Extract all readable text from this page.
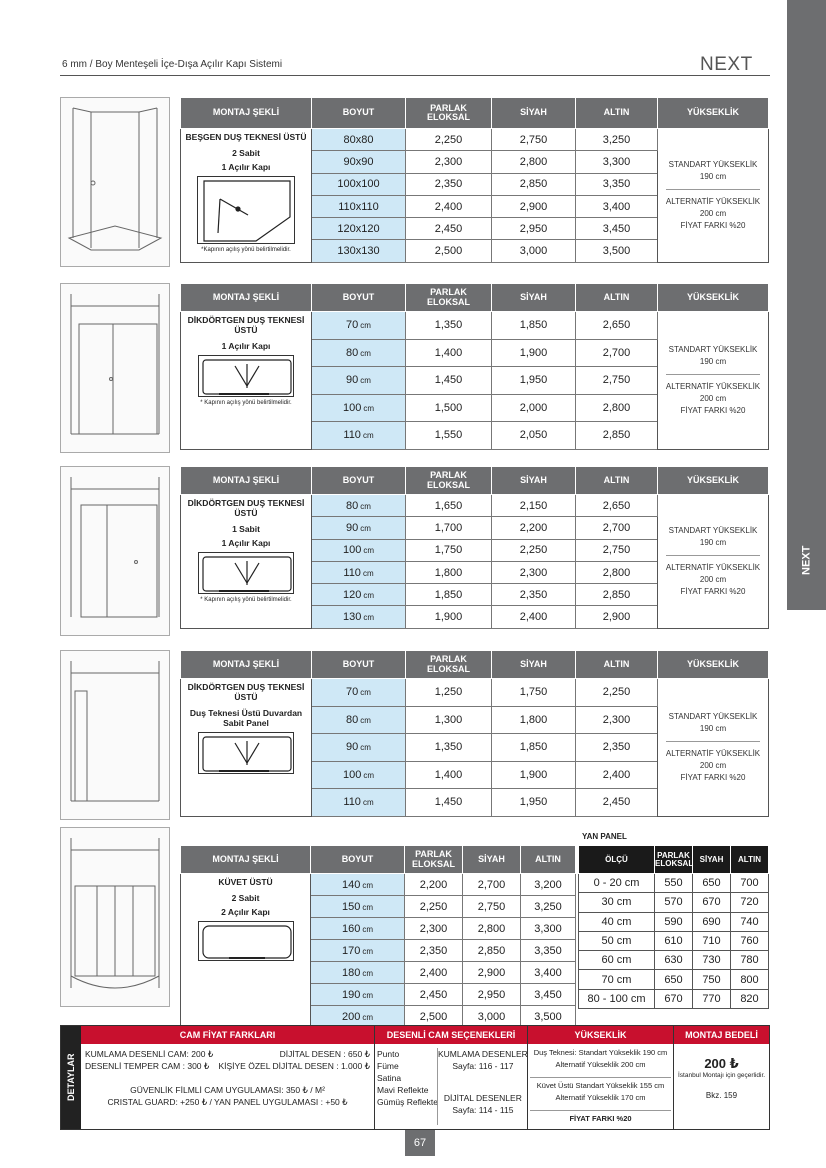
6 mm / Boy Menteşeli İçe-Dışa Açılır Kapı Sistemi	NEXT
NEXT
MONTAJ ŞEKLİ	BOYUT	PARLAK
ELOKSAL	SİYAH	ALTIN	YÜKSEKLİK

BEŞGEN DUŞ TEKNESİ ÜSTÜ
2 Sabit
1 Açılır Kapı
*Kapının açılış yönü belirtilmelidir.	80x80	2,250	2,750	3,250	STANDART YÜKSEKLİK
190 cm
ALTERNATİF YÜKSEKLİK
200 cm
FİYAT FARKI %20
	90x90	2,300	2,800	3,300	
	100x100	2,350	2,850	3,350	
	110x110	2,400	2,900	3,400	
	120x120	2,450	2,950	3,450	
	130x130	2,500	3,000	3,500	
MONTAJ ŞEKLİ	BOYUT	PARLAK
ELOKSAL	SİYAH	ALTIN	YÜKSEKLİK

DİKDÖRTGEN DUŞ TEKNESİ ÜSTÜ
1 Açılır Kapı
* Kapının açılış yönü belirtilmelidir.	70 cm	1,350	1,850	2,650	STANDART YÜKSEKLİK
190 cm
ALTERNATİF YÜKSEKLİK
200 cm
FİYAT FARKI %20
	80 cm	1,400	1,900	2,700	
	90 cm	1,450	1,950	2,750	
	100 cm	1,500	2,000	2,800	
	110 cm	1,550	2,050	2,850	
MONTAJ ŞEKLİ	BOYUT	PARLAK
ELOKSAL	SİYAH	ALTIN	YÜKSEKLİK

DİKDÖRTGEN DUŞ TEKNESİ ÜSTÜ
1 Sabit
1 Açılır Kapı
* Kapının açılış yönü belirtilmelidir.	80 cm	1,650	2,150	2,650	STANDART YÜKSEKLİK
190 cm
ALTERNATİF YÜKSEKLİK
200 cm
FİYAT FARKI %20
	90 cm	1,700	2,200	2,700	
	100 cm	1,750	2,250	2,750	
	110 cm	1,800	2,300	2,800	
	120 cm	1,850	2,350	2,850	
	130 cm	1,900	2,400	2,900	
MONTAJ ŞEKLİ	BOYUT	PARLAK
ELOKSAL	SİYAH	ALTIN	YÜKSEKLİK

DİKDÖRTGEN DUŞ TEKNESİ ÜSTÜ
Duş Teknesi Üstü Duvardan Sabit Panel	70 cm	1,250	1,750	2,250	STANDART YÜKSEKLİK
190 cm
ALTERNATİF YÜKSEKLİK
200 cm
FİYAT FARKI %20
	80 cm	1,300	1,800	2,300	
	90 cm	1,350	1,850	2,350	
	100 cm	1,400	1,900	2,400	
	110 cm	1,450	1,950	2,450	
MONTAJ ŞEKLİ	BOYUT	PARLAK
ELOKSAL	SİYAH	ALTIN

KÜVET ÜSTÜ
2 Sabit
2 Açılır Kapı	140 cm	2,200	2,700	3,200
	150 cm	2,250	2,750	3,250
	160 cm	2,300	2,800	3,300
	170 cm	2,350	2,850	3,350
	180 cm	2,400	2,900	3,400
	190 cm	2,450	2,950	3,450
	200 cm	2,500	3,000	3,500
YAN PANEL
ÖLÇÜ	PARLAK
ELOKSAL	SİYAH	ALTIN
0 - 20 cm	550	650	700
30 cm	570	670	720
40 cm	590	690	740
50 cm	610	710	760
60 cm	630	730	780
70 cm	650	750	800
80 - 100 cm	670	770	820
DETAYLAR
CAM FİYAT FARKLARI
KUMLAMA DESENLİ CAM: 200 ₺	DİJİTAL DESEN : 650 ₺
DESENLİ TEMPER CAM : 300 ₺ KİŞİYE ÖZEL DİJİTAL DESEN : 1.000 ₺
GÜVENLİK FİLMLİ CAM UYGULAMASI: 350 ₺ / M²
CRISTAL GUARD: +250 ₺ / YAN PANEL UYGULAMASI : +50 ₺
DESENLİ CAM SEÇENEKLERİ
Punto
Füme
Satina
Mavi Reflekte
Gümüş Reflekte
KUMLAMA DESENLER
Sayfa: 116 - 117
DİJİTAL DESENLER
Sayfa: 114 - 115
YÜKSEKLİK
Duş Teknesi: Standart Yükseklik 190 cm
Alternatif Yükseklik 200 cm
Küvet Üstü Standart Yükseklik 155 cm
Alternatif Yükseklik 170 cm
FİYAT FARKI %20
MONTAJ BEDELİ
200 ₺
İstanbul Montajı için geçerlidir.
Bkz. 159
67
